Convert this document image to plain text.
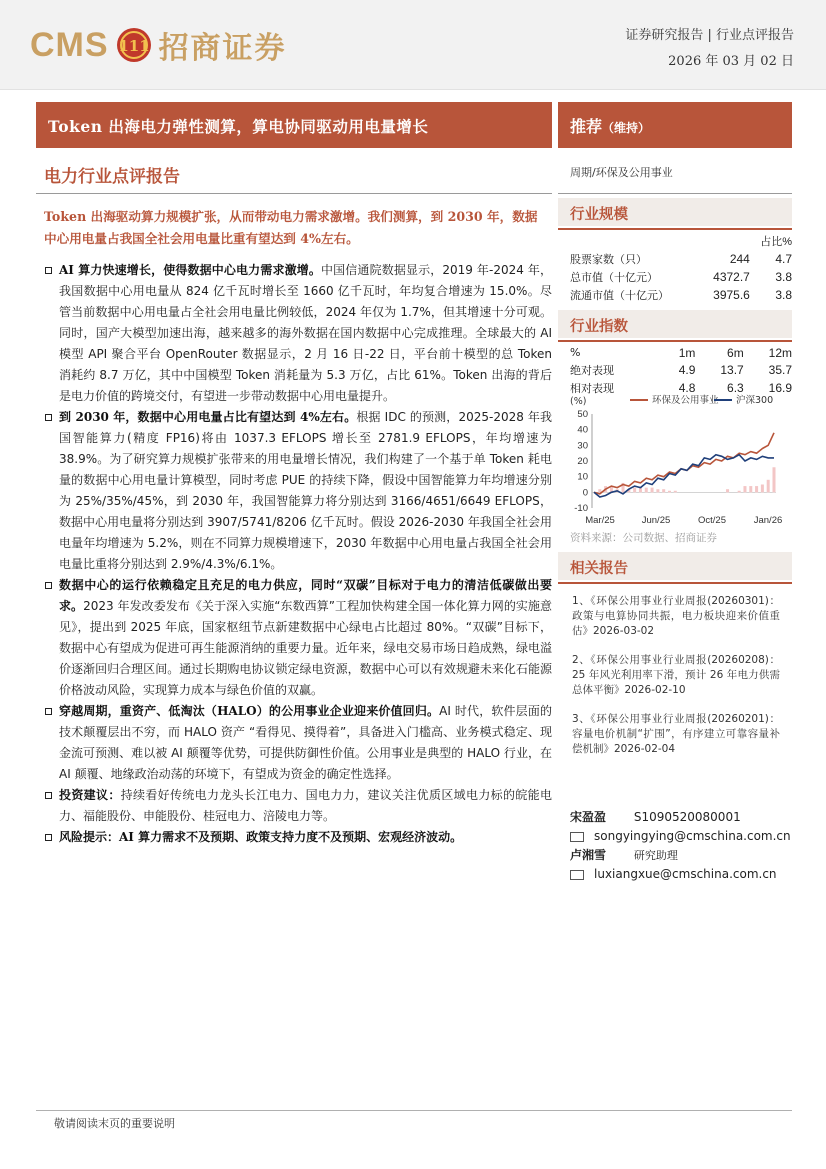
CMS 111 招商证券	证券研究报告 | 行业点评报告
2026 年 03 月 02 日
Token 出海电力弹性测算，算电协同驱动用电量增长	推荐（维持）
电力行业点评报告	周期/环保及公用事业
Token 出海驱动算力规模扩张，从而带动电力需求激增。我们测算，到 2030 年，数据中心用电量占我国全社会用电量比重有望达到 4%左右。
AI 算力快速增长，使得数据中心电力需求激增。中国信通院数据显示，2019 年-2024 年，我国数据中心用电量从 824 亿千瓦时增长至 1660 亿千瓦时，年均复合增速为 15.0%。尽管当前数据中心用电量占全社会用电量比例较低，2024 年仅为 1.7%，但其增速十分可观。同时，国产大模型加速出海，越来越多的海外数据在国内数据中心完成推理。全球最大的 AI 模型 API 聚合平台 OpenRouter 数据显示，2 月 16 日-22 日，平台前十模型的总 Token 消耗约 8.7 万亿，其中中国模型 Token 消耗量为 5.3 万亿，占比 61%。Token 出海的背后是电力价值的跨境交付，有望进一步带动数据中心用电量提升。
到 2030 年，数据中心用电量占比有望达到 4%左右。根据 IDC 的预测，2025-2028 年我国智能算力(精度 FP16)将由 1037.3 EFLOPS 增长至 2781.9 EFLOPS，年均增速为 38.9%。为了研究算力规模扩张带来的用电量增长情况，我们构建了一个基于单 Token 耗电量的数据中心用电量计算模型，同时考虑 PUE 的持续下降，假设中国智能算力年均增速分别为 25%/35%/45%，到 2030 年，我国智能算力将分别达到 3166/4651/6649 EFLOPS，数据中心用电量将分别达到 3907/5741/8206 亿千瓦时。假设 2026-2030 年我国全社会用电量年均增速为 5.2%，则在不同算力规模增速下，2030 年数据中心用电量占我国全社会用电量比重将分别达到 2.9%/4.3%/6.1%。
数据中心的运行依赖稳定且充足的电力供应，同时“双碳”目标对于电力的清洁低碳做出要求。2023 年发改委发布《关于深入实施“东数西算”工程加快构建全国一体化算力网的实施意见》，提出到 2025 年底，国家枢纽节点新建数据中心绿电占比超过 80%。“双碳”目标下，数据中心有望成为促进可再生能源消纳的重要力量。近年来，绿电交易市场日趋成熟，绿电溢价逐渐回归合理区间。通过长期购电协议锁定绿电资源，数据中心可以有效规避未来化石能源价格波动风险，实现算力成本与绿色价值的双赢。
穿越周期，重资产、低淘汰（HALO）的公用事业企业迎来价值回归。AI 时代，软件层面的技术颠覆层出不穷，而 HALO 资产 “看得见、摸得着”，具备进入门槛高、业务模式稳定、现金流可预测、难以被 AI 颠覆等优势，可提供防御性价值。公用事业是典型的 HALO 行业，在 AI 颠覆、地缘政治动荡的环境下，有望成为资金的确定性选择。
投资建议：持续看好传统电力龙头长江电力、国电力力，建议关注优质区域电力标的皖能电力、福能股份、申能股份、桂冠电力、涪陵电力等。
风险提示：AI 算力需求不及预期、政策支持力度不及预期、宏观经济波动。
行业规模
		占比%
股票家数（只）	244	4.7
总市值（十亿元）	4372.7	3.8
流通市值（十亿元）	3975.6	3.8
行业指数
%	1m	6m	12m
绝对表现	4.9	13.7	35.7
相对表现	4.8	6.3	16.9
(%)
50
40
30
20
10
0
-10
Mar/25	Jun/25	Oct/25	Jan/26
环保及公用事业 沪深300
资料来源：公司数据、招商证券
相关报告
1、《环保公用事业行业周报(20260301)：政策与电算协同共振，电力板块迎来价值重估》2026-03-02
2、《环保公用事业行业周报(20260208)：25 年风光利用率下滑，预计 26 年电力供需总体平衡》2026-02-10
3、《环保公用事业行业周报(20260201)：容量电价机制“扩围”，有序建立可靠容量补偿机制》2026-02-04
宋盈盈 S1090520080001
songyingying@cmschina.com.cn
卢湘雪	研究助理
luxiangxue@cmschina.com.cn
敬请阅读末页的重要说明
